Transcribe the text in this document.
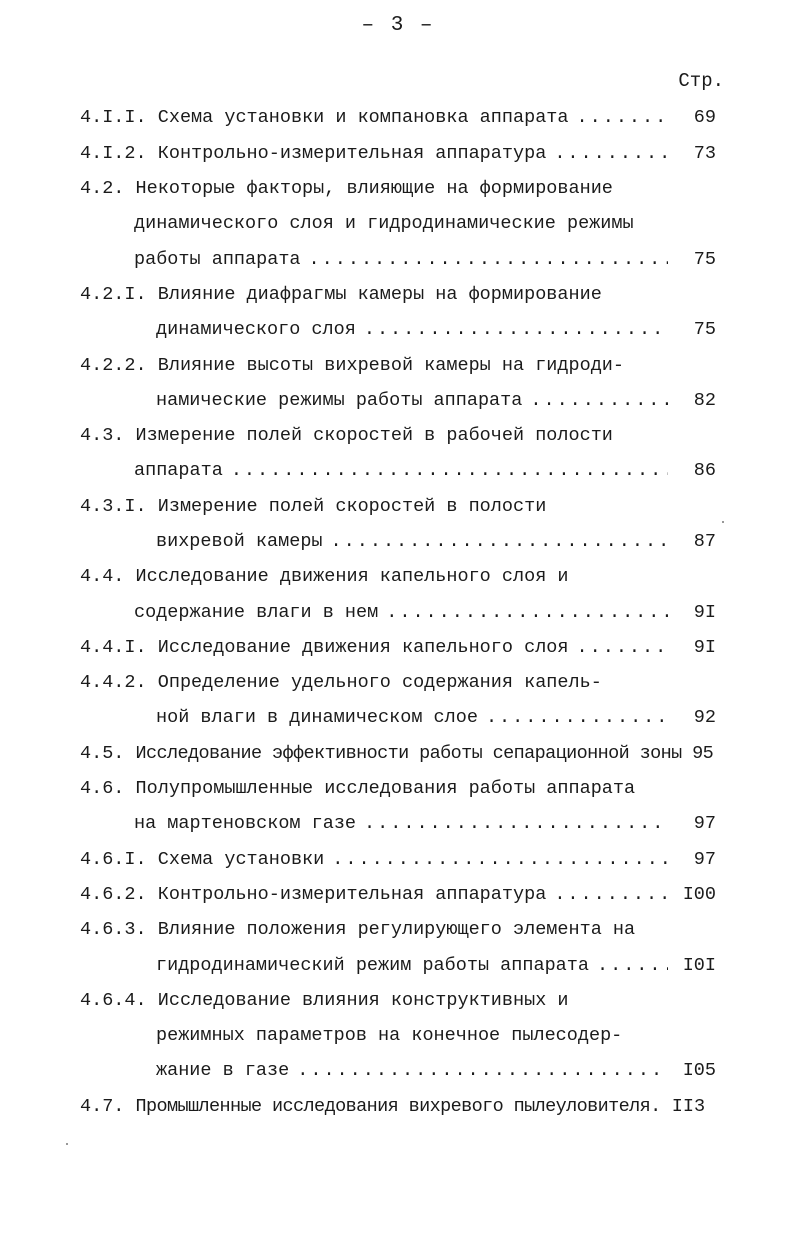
– 3 –
Стр.
4.I.I.
Схема установки и компановка аппарата .....	69
4.I.2.
Контрольно-измерительная аппаратура .....	73
4.2.
Некоторые факторы, влияющие на формирование
динамического слоя и гидродинамические режимы
работы аппарата .....	75
4.2.I.
Влияние диафрагмы камеры на формирование
динамического слоя .....	75
4.2.2.
Влияние высоты вихревой камеры на гидроди-
намические режимы работы аппарата .....	82
4.3.
Измерение полей скоростей в рабочей полости
аппарата .....	86
4.3.I.
Измерение полей скоростей в полости
вихревой камеры .....	87
4.4.
Исследование движения капельного слоя и
содержание влаги в нем .....	9I
4.4.I.
Исследование движения капельного слоя .....	9I
4.4.2.
Определение удельного содержания капель-
ной влаги в динамическом слое .....	92
4.5.
Исследование эффективности работы сепарационной зоны 95
4.6.
Полупромышленные исследования работы аппарата
на мартеновском газе .....	97
4.6.I.
Схема установки .....	97
4.6.2.
Контрольно-измерительная аппаратура .....	I00
4.6.3.
Влияние положения регулирующего элемента на
гидродинамический режим работы аппарата .....	I0I
4.6.4.
Исследование влияния конструктивных и
режимных параметров на конечное пылесодер-
жание в газе .....	I05
4.7.
Промышленные исследования вихревого пылеуловителя.
II3
